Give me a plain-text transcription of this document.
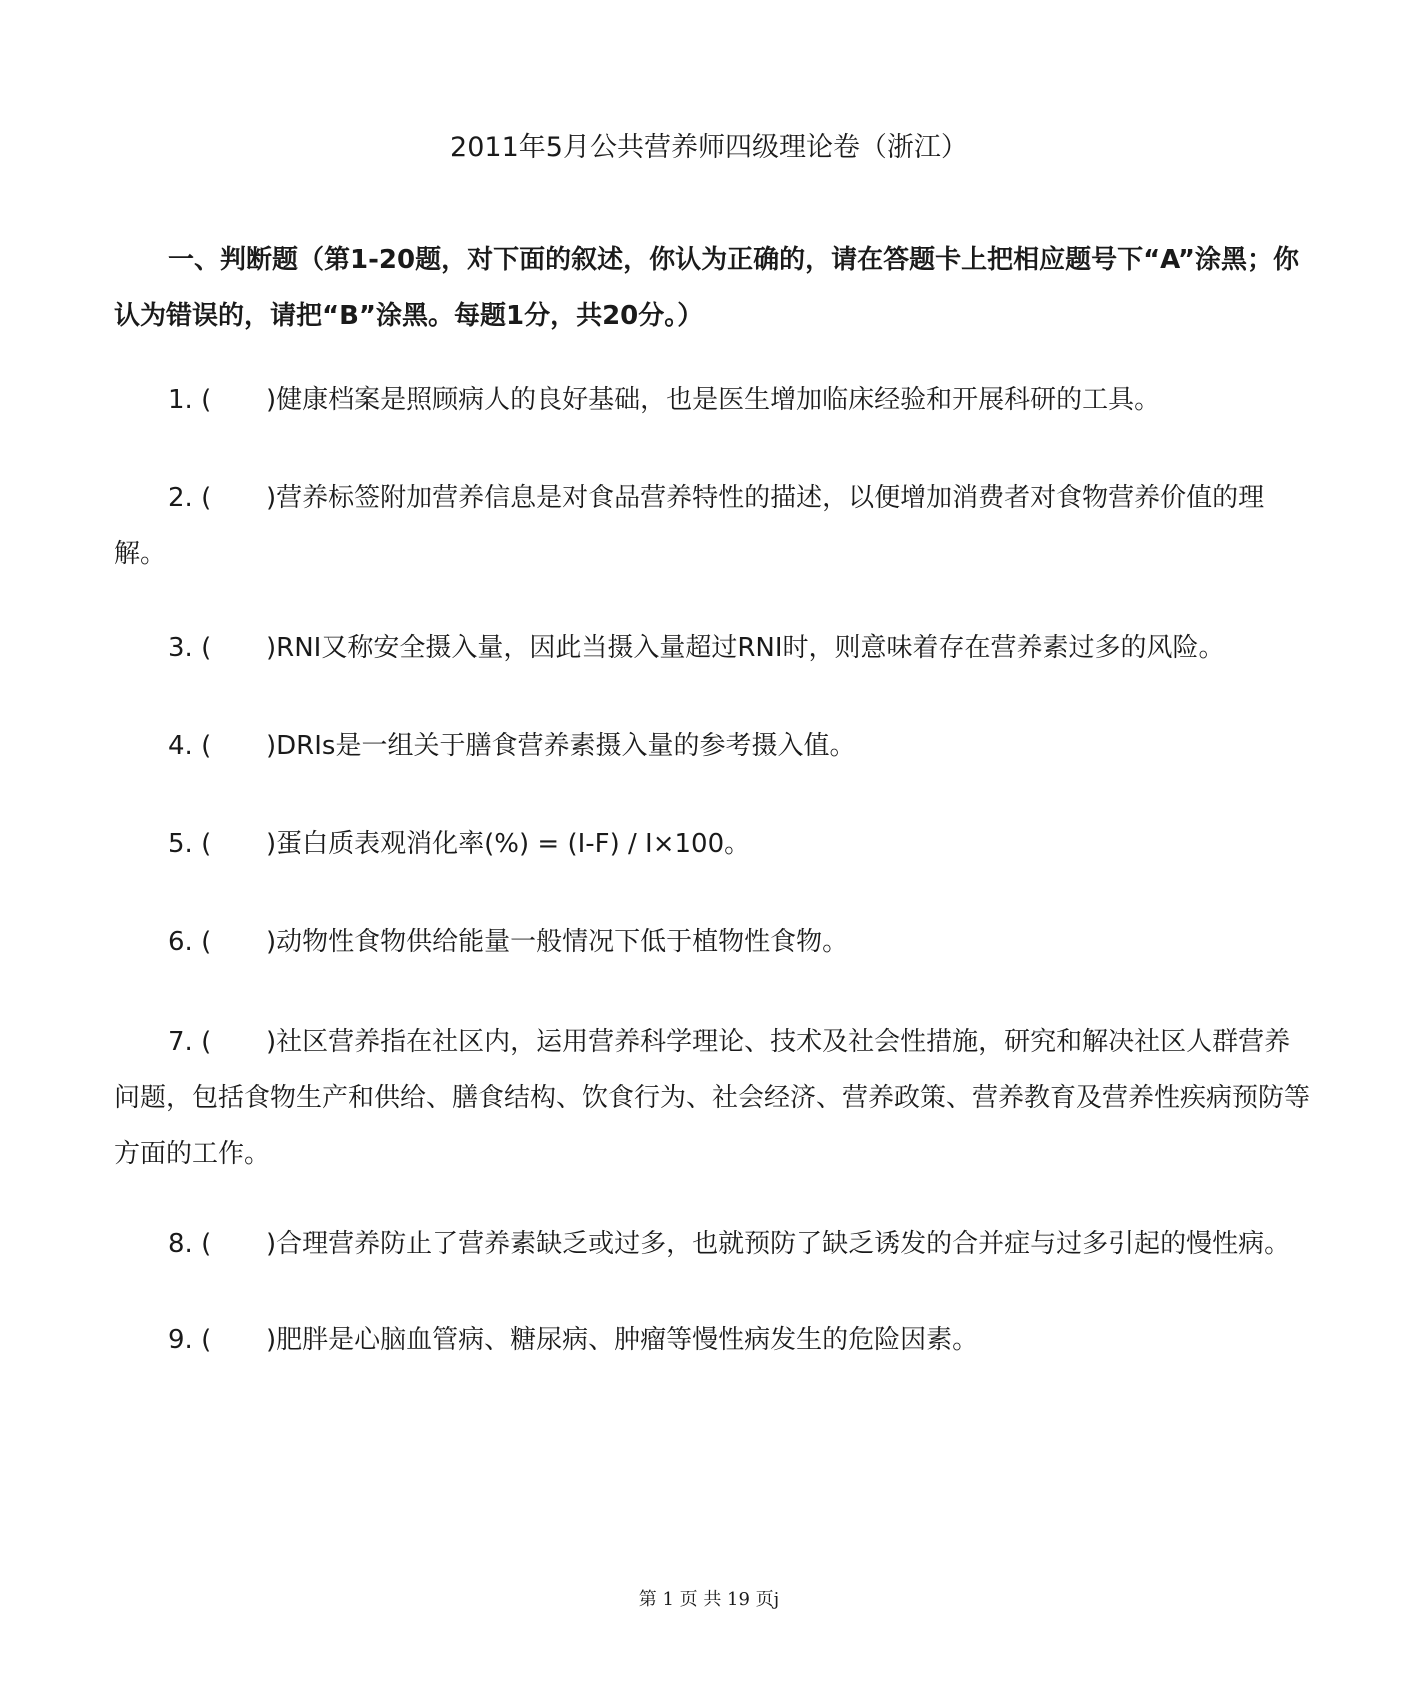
2011年5月公共营养师四级理论卷（浙江）

一、判断题（第1-20题，对下面的叙述，你认为正确的，请在答题卡上把相应题号下“A”涂黑；你认为错误的，请把“B”涂黑。每题1分，共20分。）

1. ( )健康档案是照顾病人的良好基础，也是医生增加临床经验和开展科研的工具。

2. ( )营养标签附加营养信息是对食品营养特性的描述，以便增加消费者对食物营养价值的理解。

3. ( )RNI又称安全摄入量，因此当摄入量超过RNI时，则意味着存在营养素过多的风险。

4. ( )DRIs是一组关于膳食营养素摄入量的参考摄入值。

5. ( )蛋白质表观消化率(%) = (I-F) / I×100。

6. ( )动物性食物供给能量一般情况下低于植物性食物。

7. ( )社区营养指在社区内，运用营养科学理论、技术及社会性措施，研究和解决社区人群营养问题，包括食物生产和供给、膳食结构、饮食行为、社会经济、营养政策、营养教育及营养性疾病预防等方面的工作。

8. ( )合理营养防止了营养素缺乏或过多，也就预防了缺乏诱发的合并症与过多引起的慢性病。

9. ( )肥胖是心脑血管病、糖尿病、肿瘤等慢性病发生的危险因素。

第 1 页 共 19 页j
